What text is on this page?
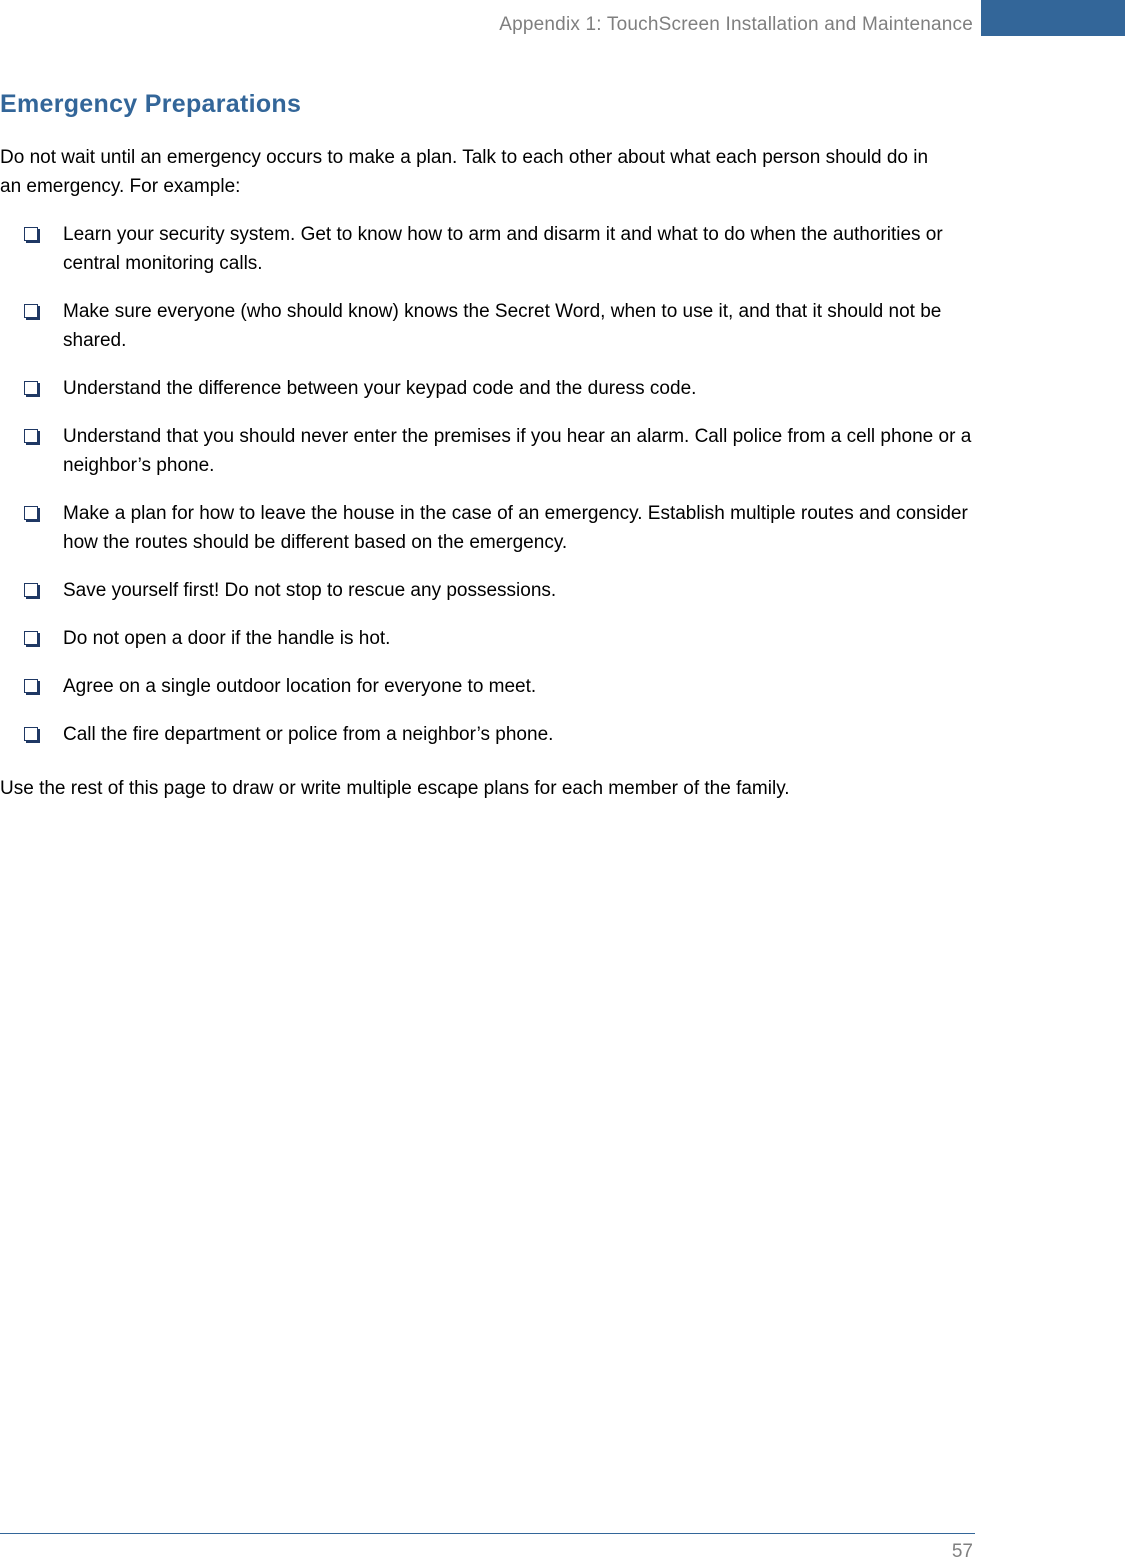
Appendix 1: TouchScreen Installation and Maintenance
Emergency Preparations

Do not wait until an emergency occurs to make a plan. Talk to each other about what each person should do in an emergency. For example:

Learn your security system. Get to know how to arm and disarm it and what to do when the authorities or central monitoring calls.
Make sure everyone (who should know) knows the Secret Word, when to use it, and that it should not be shared.
Understand the difference between your keypad code and the duress code.
Understand that you should never enter the premises if you hear an alarm. Call police from a cell phone or a neighbor’s phone.
Make a plan for how to leave the house in the case of an emergency. Establish multiple routes and consider how the routes should be different based on the emergency.
Save yourself first! Do not stop to rescue any possessions.
Do not open a door if the handle is hot.
Agree on a single outdoor location for everyone to meet.
Call the fire department or police from a neighbor’s phone.

Use the rest of this page to draw or write multiple escape plans for each member of the family.

57
